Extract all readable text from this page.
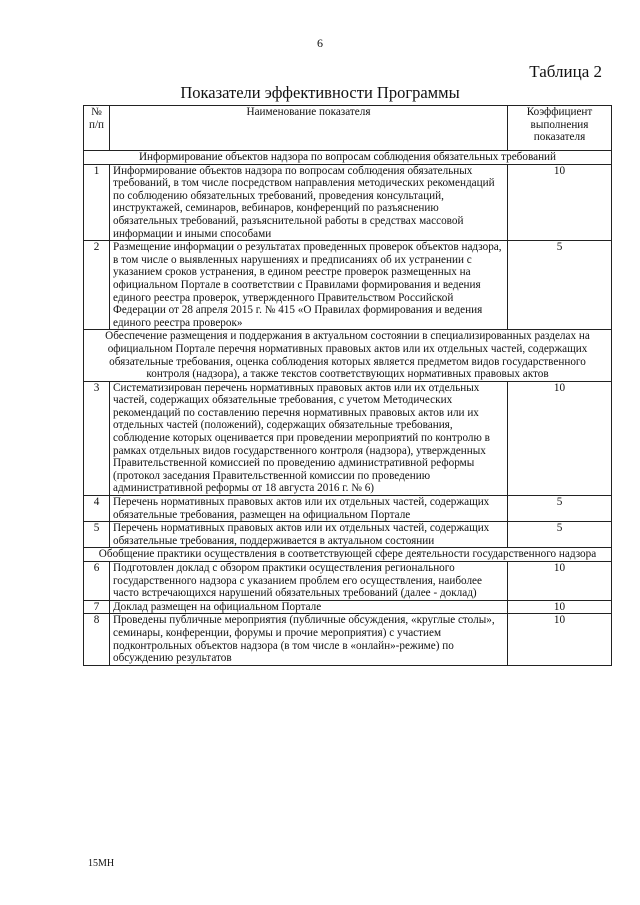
6
Таблица 2
Показатели эффективности Программы
№ п/п	Наименование показателя	Коэффициент выполнения показателя
Информирование объектов надзора по вопросам соблюдения обязательных требований		
1	Информирование объектов надзора по вопросам соблюдения обязательных требований, в том числе посредством направления методических рекомендаций по соблюдению обязательных требований, проведения консультаций, инструктажей, семинаров, вебинаров, конференций по разъяснению обязательных требований, разъяснительной работы в средствах массовой информации и иными способами	10
2	Размещение информации о результатах проведенных проверок объектов надзора, в том числе о выявленных нарушениях и предписаниях об их устранении с указанием сроков устранения, в едином реестре проверок размещенных на официальном Портале в соответствии с Правилами формирования и ведения единого реестра проверок, утвержденного Правительством Российской Федерации от 28 апреля 2015 г. № 415 «О Правилах формирования и ведения единого реестра проверок»	5
Обеспечение размещения и поддержания в актуальном состоянии в специализированных разделах на официальном Портале перечня нормативных правовых актов или их отдельных частей, содержащих обязательные требования, оценка соблюдения которых является предметом видов государственного контроля (надзора), а также текстов соответствующих нормативных правовых актов		
3	Систематизирован перечень нормативных правовых актов или их отдельных частей, содержащих обязательные требования, с учетом Методических рекомендаций по составлению перечня нормативных правовых актов или их отдельных частей (положений), содержащих обязательные требования, соблюдение которых оценивается при проведении мероприятий по контролю в рамках отдельных видов государственного контроля (надзора), утвержденных Правительственной комиссией по проведению административной реформы (протокол заседания Правительственной комиссии по проведению административной реформы от 18 августа 2016 г. № 6)	10
4	Перечень нормативных правовых актов или их отдельных частей, содержащих обязательные требования, размещен на официальном Портале	5
5	Перечень нормативных правовых актов или их отдельных частей, содержащих обязательные требования, поддерживается в актуальном состоянии	5
Обобщение практики осуществления в соответствующей сфере деятельности государственного надзора		
6	Подготовлен доклад с обзором практики осуществления регионального государственного надзора с указанием проблем его осуществления, наиболее часто встречающихся нарушений обязательных требований (далее - доклад)	10
7	Доклад размещен на официальном Портале	10
8	Проведены публичные мероприятия (публичные обсуждения, «круглые столы», семинары, конференции, форумы и прочие мероприятия) с участием подконтрольных объектов надзора (в том числе в «онлайн»-режиме) по обсуждению результатов	10
15МН
